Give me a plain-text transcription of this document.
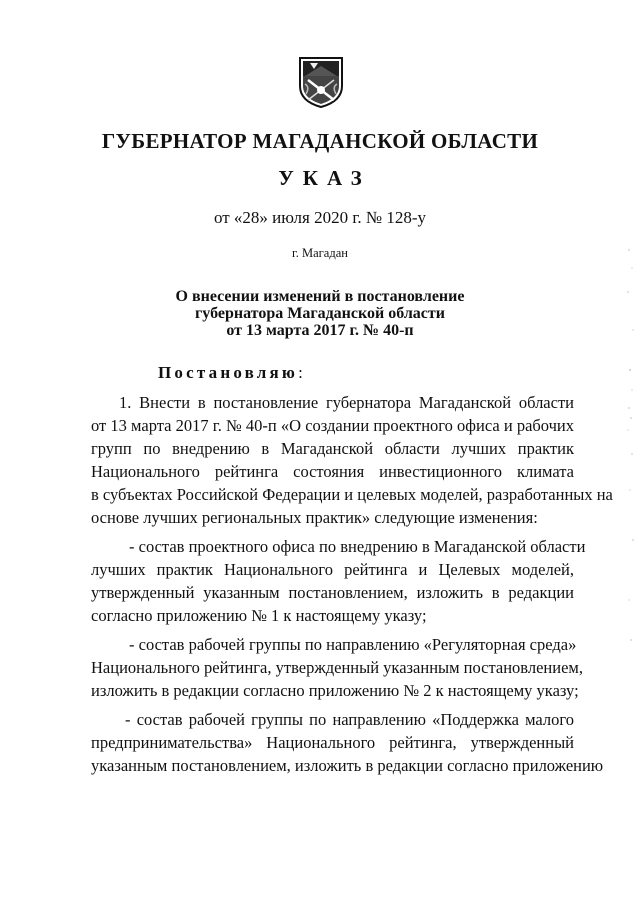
ГУБЕРНАТОР МАГАДАНСКОЙ ОБЛАСТИ
УКАЗ
от «28» июля 2020 г. № 128-у
г. Магадан
О внесении изменений в постановление
губернатора Магаданской области
от 13 марта 2017 г. № 40-п
Постановляю:
1. Внести в постановление губернатора Магаданской области
от 13 марта 2017 г. № 40-п «О создании проектного офиса и рабочих
групп по внедрению в Магаданской области лучших практик
Национального рейтинга состояния инвестиционного климата
в субъектах Российской Федерации и целевых моделей, разработанных на
основе лучших региональных практик» следующие изменения:
- состав проектного офиса по внедрению в Магаданской области
лучших практик Национального рейтинга и Целевых моделей,
утвержденный указанным постановлением, изложить в редакции
согласно приложению № 1 к настоящему указу;
- состав рабочей группы по направлению «Регуляторная среда»
Национального рейтинга, утвержденный указанным постановлением,
изложить в редакции согласно приложению № 2 к настоящему указу;
- состав рабочей группы по направлению «Поддержка малого
предпринимательства» Национального рейтинга, утвержденный
указанным постановлением, изложить в редакции согласно приложению
